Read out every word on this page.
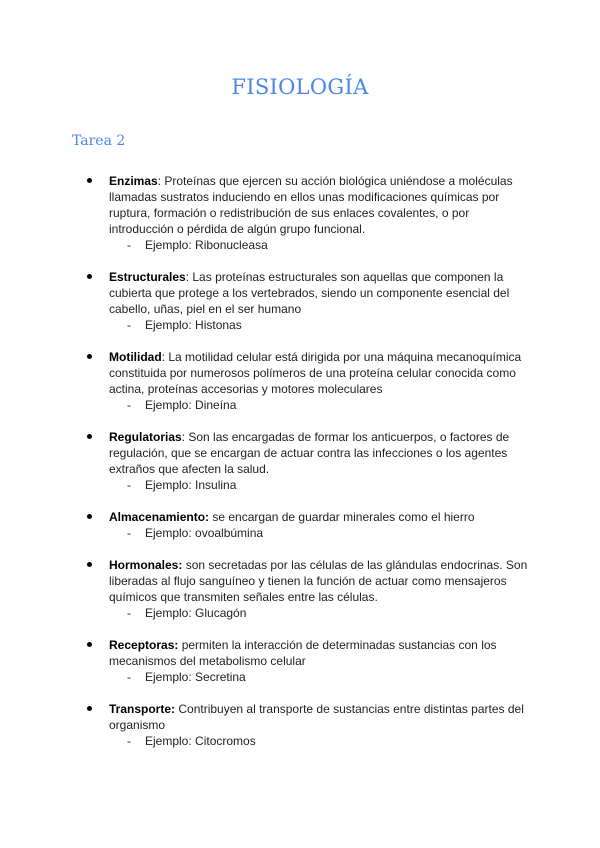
FISIOLOGÍA
Tarea 2
Enzimas: Proteínas que ejercen su acción biológica uniéndose a moléculas llamadas sustratos induciendo en ellos unas modificaciones químicas por ruptura, formación o redistribución de sus enlaces covalentes, o por introducción o pérdida de algún grupo funcional.
- Ejemplo: Ribonucleasa
Estructurales: Las proteínas estructurales son aquellas que componen la cubierta que protege a los vertebrados, siendo un componente esencial del cabello, uñas, piel en el ser humano
- Ejemplo: Histonas
Motilidad: La motilidad celular está dirigida por una máquina mecanoquímica constituida por numerosos polímeros de una proteína celular conocida como actina, proteínas accesorias y motores moleculares
- Ejemplo: Dineína
Regulatorias: Son las encargadas de formar los anticuerpos, o factores de regulación, que se encargan de actuar contra las infecciones o los agentes extraños que afecten la salud.
- Ejemplo: Insulina
Almacenamiento: se encargan de guardar minerales como el hierro
- Ejemplo: ovoalbúmina
Hormonales: son secretadas por las células de las glándulas endocrinas. Son liberadas al flujo sanguíneo y tienen la función de actuar como mensajeros químicos que transmiten señales entre las células.
- Ejemplo: Glucagón
Receptoras: permiten la interacción de determinadas sustancias con los mecanismos del metabolismo celular
- Ejemplo: Secretina
Transporte: Contribuyen al transporte de sustancias entre distintas partes del organismo
- Ejemplo: Citocromos
